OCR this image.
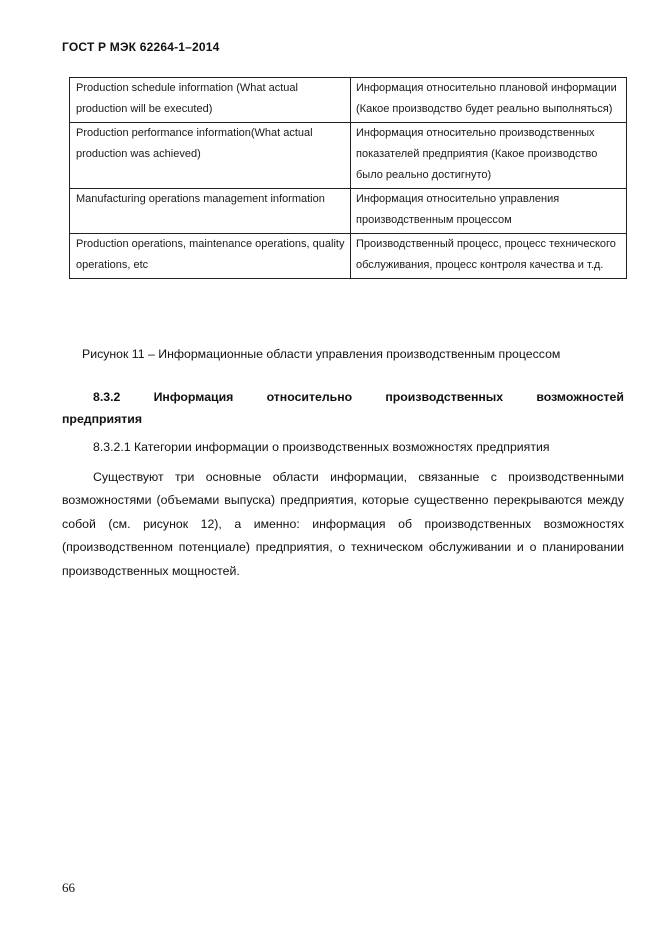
ГОСТ Р МЭК 62264-1–2014
Production schedule information (What actual production will be executed)	Информация относительно плановой информации (Какое производство будет реально выполняться)
Production performance information(What actual production was achieved)	Информация относительно производственных показателей предприятия (Какое производство было реально достигнуто)
Manufacturing operations management information	Информация относительно управления производственным процессом
Production operations, maintenance operations, quality operations, etc	Производственный процесс, процесс технического обслуживания, процесс контроля качества и т.д.
Рисунок 11 – Информационные области управления производственным процессом
8.3.2	Информация	относительно	производственных	возможностей
предприятия
8.3.2.1 Категории информации о производственных возможностях предприятия
Существуют три основные области информации, связанные с производственными возможностями (объемами выпуска) предприятия, которые существенно перекрываются между собой (см. рисунок 12), а именно: информация об производственных возможностях (производственном потенциале) предприятия, о техническом обслуживании и о планировании производственных мощностей.
66
